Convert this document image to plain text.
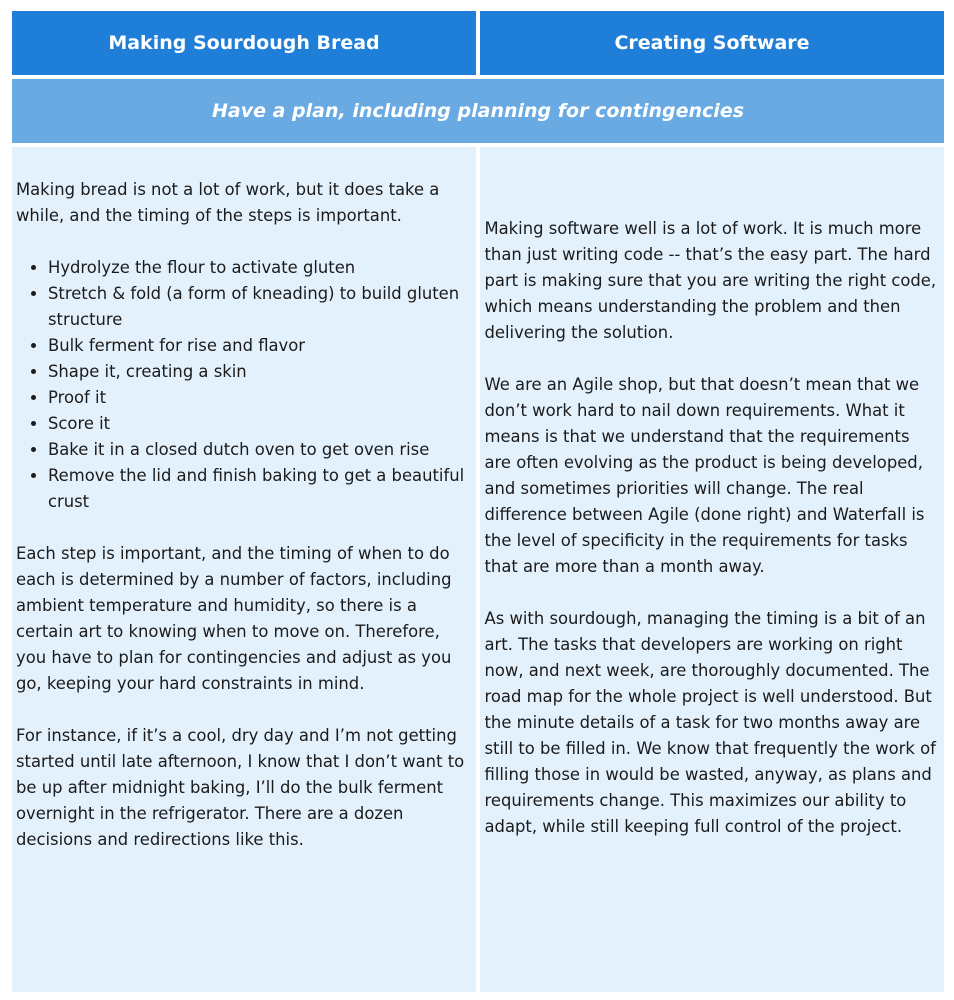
Making Sourdough Bread	Creating Software
Have a plan, including planning for contingencies

Making bread is not a lot of work, but it does take a while, and the timing of the steps is important.

• Hydrolyze the flour to activate gluten
• Stretch & fold (a form of kneading) to build gluten structure
• Bulk ferment for rise and flavor
• Shape it, creating a skin
• Proof it
• Score it
• Bake it in a closed dutch oven to get oven rise
• Remove the lid and finish baking to get a beautiful crust

Each step is important, and the timing of when to do each is determined by a number of factors, including ambient temperature and humidity, so there is a certain art to knowing when to move on. Therefore, you have to plan for contingencies and adjust as you go, keeping your hard constraints in mind.

For instance, if it’s a cool, dry day and I’m not getting started until late afternoon, I know that I don’t want to be up after midnight baking, I’ll do the bulk ferment overnight in the refrigerator. There are a dozen decisions and redirections like this.

Making software well is a lot of work. It is much more than just writing code -- that’s the easy part. The hard part is making sure that you are writing the right code, which means understanding the problem and then delivering the solution.

We are an Agile shop, but that doesn’t mean that we don’t work hard to nail down requirements. What it means is that we understand that the requirements are often evolving as the product is being developed, and sometimes priorities will change. The real difference between Agile (done right) and Waterfall is the level of specificity in the requirements for tasks that are more than a month away.

As with sourdough, managing the timing is a bit of an art. The tasks that developers are working on right now, and next week, are thoroughly documented. The road map for the whole project is well understood. But the minute details of a task for two months away are still to be filled in. We know that frequently the work of filling those in would be wasted, anyway, as plans and requirements change. This maximizes our ability to adapt, while still keeping full control of the project.
